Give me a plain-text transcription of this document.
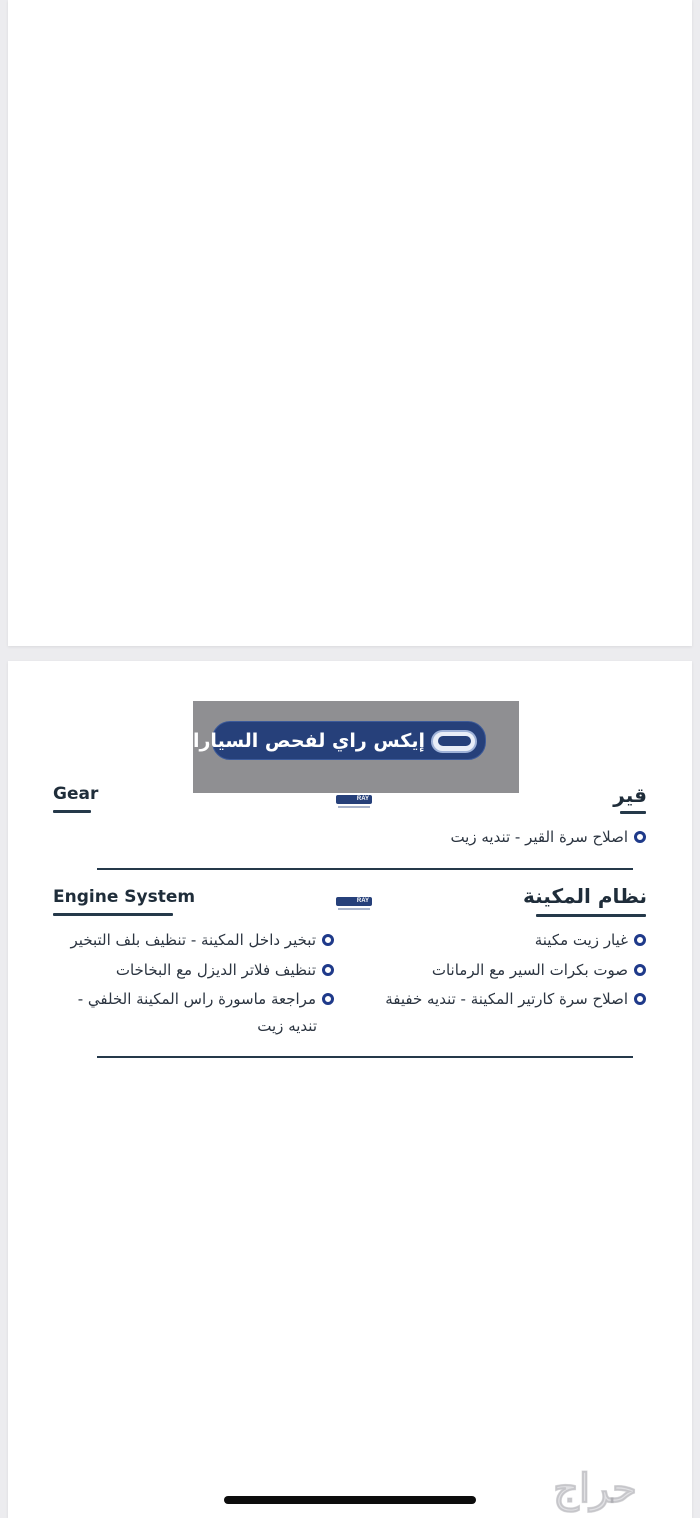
إيكس راي لفحص السيارات
قير
Gear
RAY
اصلاح سرة القير - تنديه زيت
نظام المكينة
Engine System
RAY
غيار زيت مكينة
صوت بكرات السير مع الرمانات
اصلاح سرة كارتير المكينة - تنديه خفيفة
تبخير داخل المكينة - تنظيف بلف التبخير
تنظيف فلاتر الديزل مع البخاخات
مراجعة ماسورة راس المكينة الخلفي -
تنديه زيت
حراج
